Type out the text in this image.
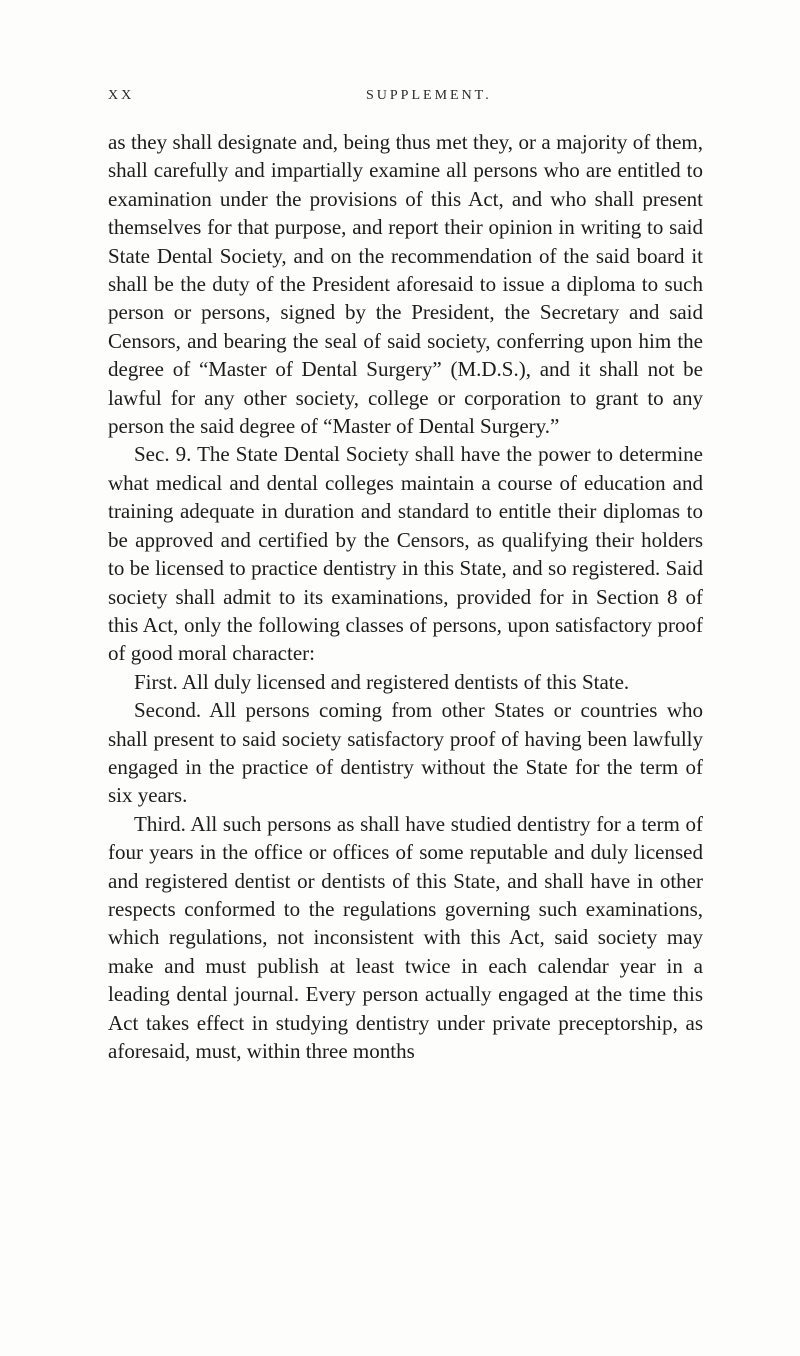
XX	SUPPLEMENT.

as they shall designate and, being thus met they, or a majority of them, shall carefully and impartially examine all persons who are entitled to examination under the provisions of this Act, and who shall present themselves for that purpose, and report their opinion in writing to said State Dental Society, and on the recommendation of the said board it shall be the duty of the President aforesaid to issue a diploma to such person or persons, signed by the President, the Secretary and said Censors, and bearing the seal of said society, conferring upon him the degree of “Master of Dental Surgery” (M.D.S.), and it shall not be lawful for any other society, college or corporation to grant to any person the said degree of “Master of Dental Surgery.”

Sec. 9. The State Dental Society shall have the power to determine what medical and dental colleges maintain a course of education and training adequate in duration and standard to entitle their diplomas to be approved and certified by the Censors, as qualifying their holders to be licensed to practice dentistry in this State, and so registered. Said society shall admit to its examinations, provided for in Section 8 of this Act, only the following classes of persons, upon satisfactory proof of good moral character:

First. All duly licensed and registered dentists of this State.

Second. All persons coming from other States or countries who shall present to said society satisfactory proof of having been lawfully engaged in the practice of dentistry without the State for the term of six years.

Third. All such persons as shall have studied dentistry for a term of four years in the office or offices of some reputable and duly licensed and registered dentist or dentists of this State, and shall have in other respects conformed to the regulations governing such examinations, which regulations, not inconsistent with this Act, said society may make and must publish at least twice in each calendar year in a leading dental journal. Every person actually engaged at the time this Act takes effect in studying dentistry under private preceptorship, as aforesaid, must, within three months
